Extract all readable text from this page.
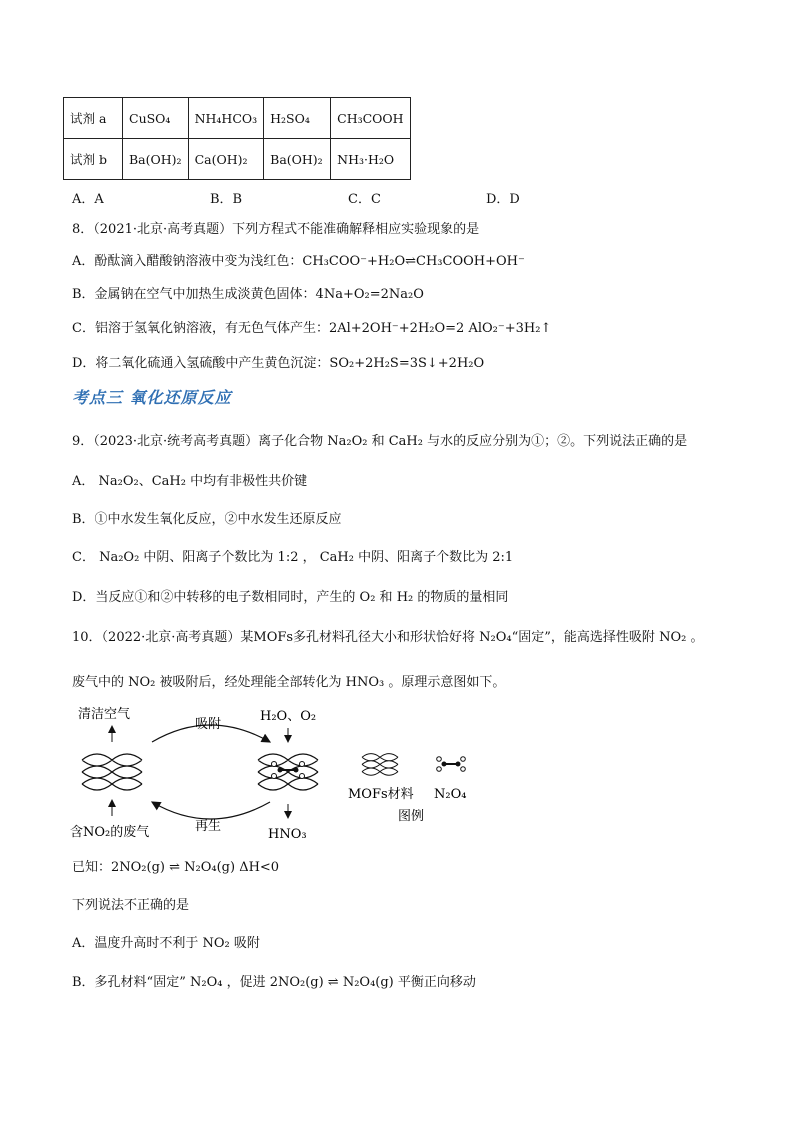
试剂 a	CuSO₄	NH₄HCO₃	H₂SO₄	CH₃COOH
试剂 b	Ba(OH)₂	Ca(OH)₂	Ba(OH)₂	NH₃·H₂O
A．A	B．B	C．C	D．D
8．（2021·北京·高考真题）下列方程式不能准确解释相应实验现象的是
A．酚酞滴入醋酸钠溶液中变为浅红色：CH₃COO⁻+H₂O⇌CH₃COOH+OH⁻
B．金属钠在空气中加热生成淡黄色固体：4Na+O₂=2Na₂O
C．铝溶于氢氧化钠溶液，有无色气体产生：2Al+2OH⁻+2H₂O=2 AlO₂⁻+3H₂↑
D．将二氧化硫通入氢硫酸中产生黄色沉淀：SO₂+2H₂S=3S↓+2H₂O
考点三 氧化还原反应
9．（2023·北京·统考高考真题）离子化合物 Na₂O₂ 和 CaH₂ 与水的反应分别为①；②。下列说法正确的是
A． Na₂O₂、CaH₂ 中均有非极性共价键
B．①中水发生氧化反应，②中水发生还原反应
C． Na₂O₂ 中阴、阳离子个数比为 1:2 ， CaH₂ 中阴、阳离子个数比为 2:1
D．当反应①和②中转移的电子数相同时，产生的 O₂ 和 H₂ 的物质的量相同
10．（2022·北京·高考真题）某MOFs多孔材料孔径大小和形状恰好将 N₂O₄“固定”，能高选择性吸附 NO₂ 。
废气中的 NO₂ 被吸附后，经处理能全部转化为 HNO₃ 。原理示意图如下。
清洁空气
含NO₂的废气
吸附
再生
H₂O、O₂
HNO₃
MOFs材料 N₂O₄
图例
已知：2NO₂(g) ⇌ N₂O₄(g) ΔH<0
下列说法不正确的是
A．温度升高时不利于 NO₂ 吸附
B．多孔材料“固定” N₂O₄ ，促进 2NO₂(g) ⇌ N₂O₄(g) 平衡正向移动
